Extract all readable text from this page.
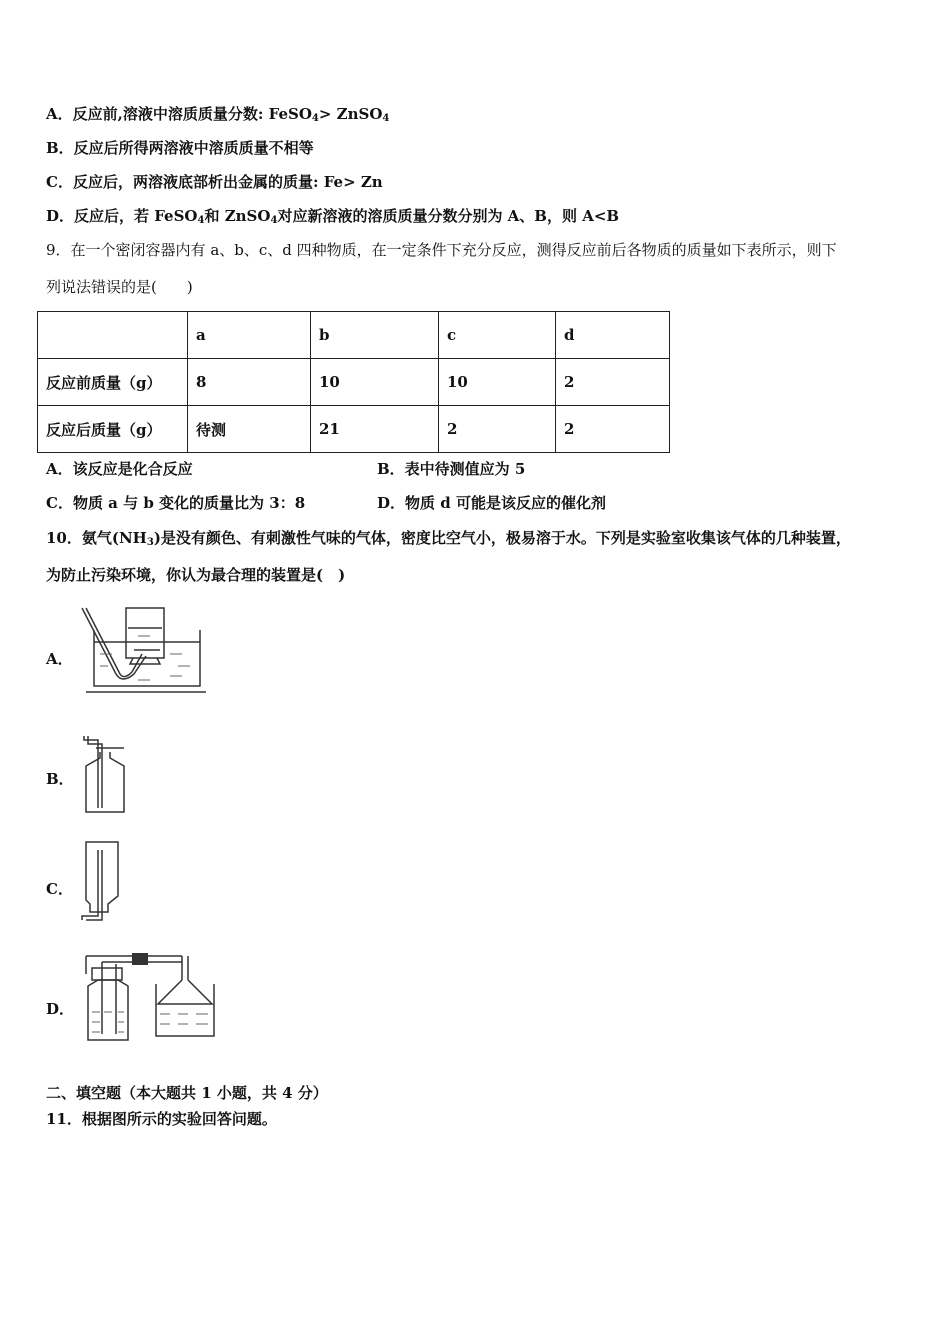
A．反应前,溶液中溶质质量分数: FeSO$_4$> ZnSO$_4$
B．反应后所得两溶液中溶质质量不相等
C．反应后，两溶液底部析出金属的质量: Fe> Zn
D．反应后，若 FeSO$_4$和 ZnSO$_4$对应新溶液的溶质质量分数分别为 A、B，则 A<B
9．在一个密闭容器内有 a、b、c、d 四种物质，在一定条件下充分反应，测得反应前后各物质的质量如下表所示，则下
列说法错误的是(　　)
	a	b	c	d
反应前质量（g）	8	10	10	2
反应后质量（g）	待测	21	2	2
A．该反应是化合反应	B．表中待测值应为 5
C．物质 a 与 b 变化的质量比为 3：8	D．物质 d 可能是该反应的催化剂
10．氨气$(NH_3)$是没有颜色、有刺激性气味的气体，密度比空气小，极易溶于水。下列是实验室收集该气体的几种装置，
为防止污染环境，你认为最合理的装置是(　)
A．
B．
C．
D．
二、填空题（本大题共 1 小题，共 4 分）
11．根据图所示的实验回答问题。
